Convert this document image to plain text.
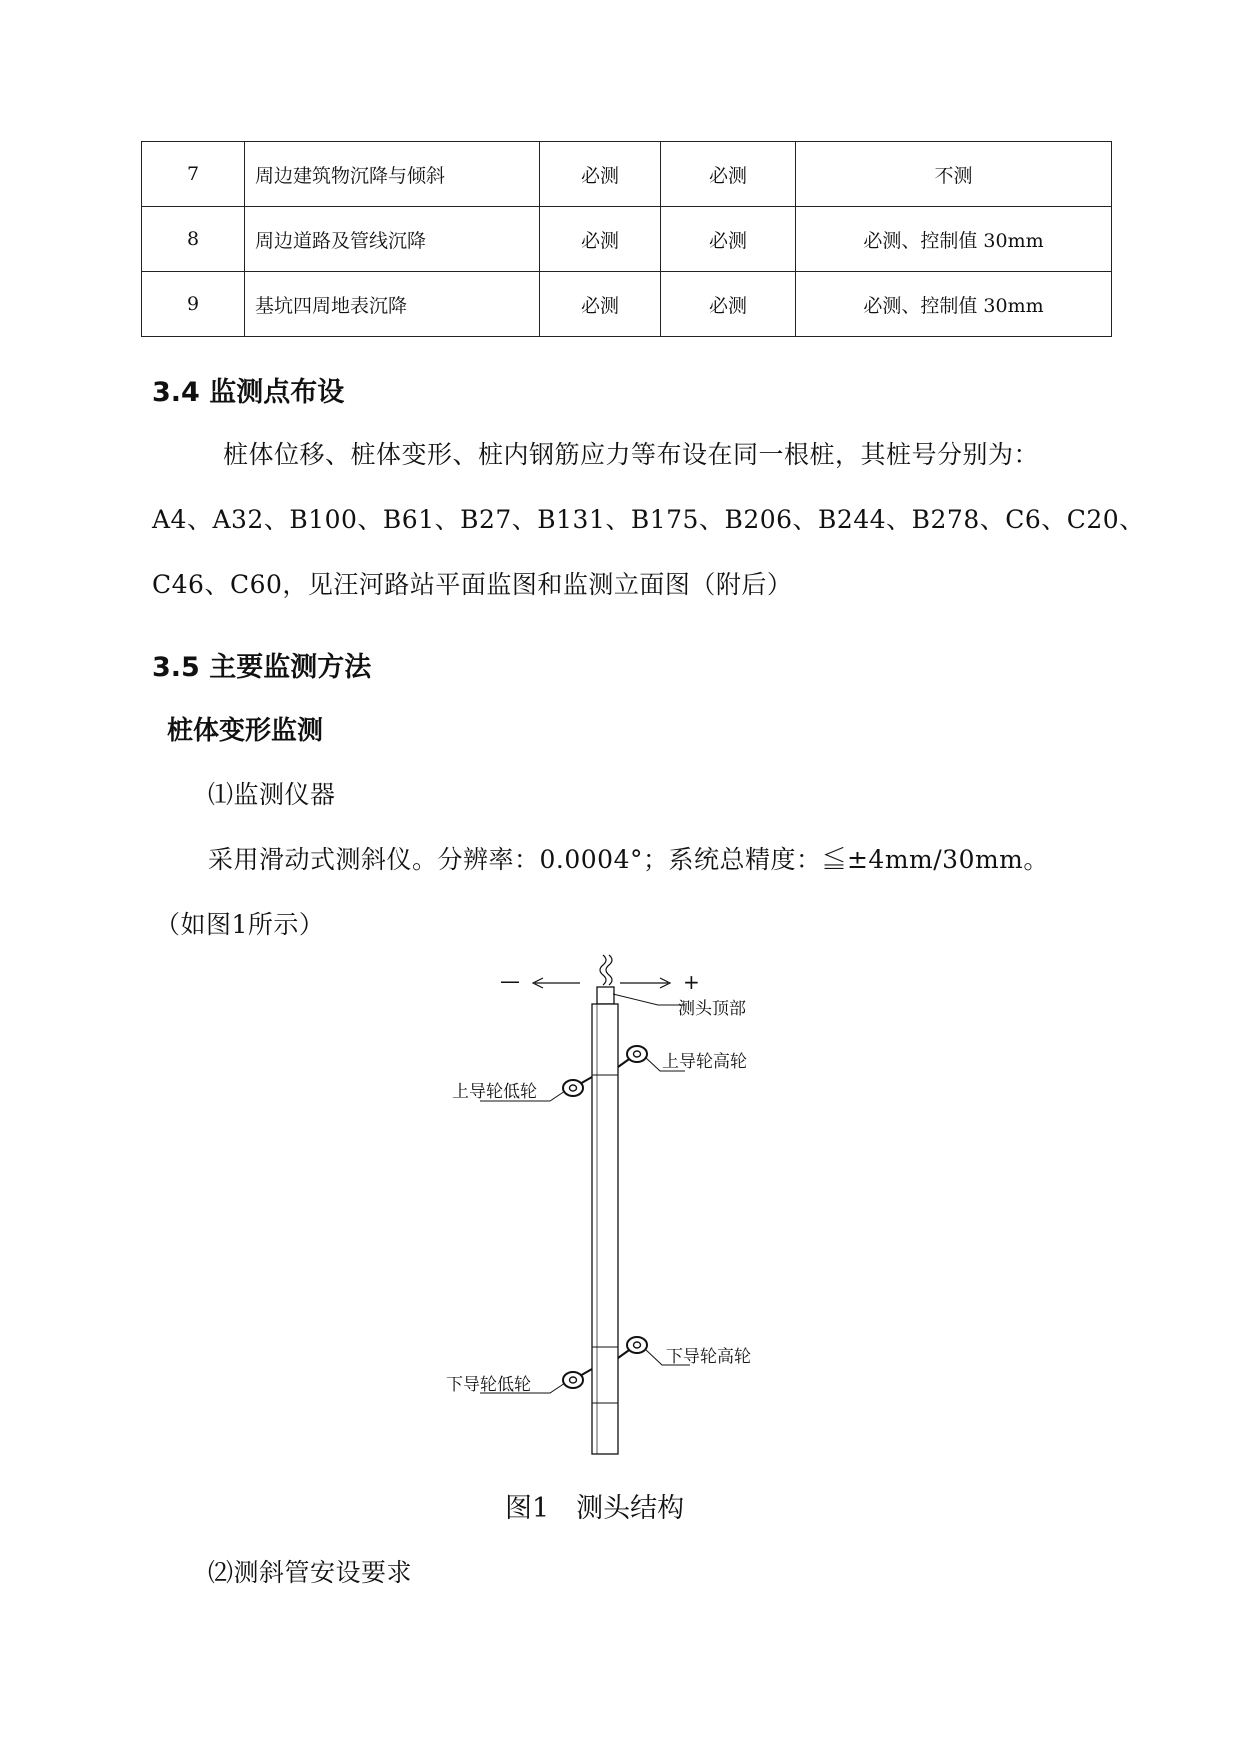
7	周边建筑物沉降与倾斜	必测	必测	不测
8	周边道路及管线沉降	必测	必测	必测、控制值 30mm
9	基坑四周地表沉降	必测	必测	必测、控制值 30mm
3.4 监测点布设
桩体位移、桩体变形、桩内钢筋应力等布设在同一根桩，其桩号分别为：
A4、A32、B100、B61、B27、B131、B175、B206、B244、B278、C6、C20、
C46、C60，见汪河路站平面监图和监测立面图（附后）
3.5 主要监测方法
桩体变形监测
⑴监测仪器
采用滑动式测斜仪。分辨率：0.0004°；系统总精度：≦±4mm/30mm。
（如图1所示）
—	+
测头顶部
上导轮高轮
上导轮低轮
下导轮高轮
下导轮低轮
图1　测头结构
⑵测斜管安设要求
